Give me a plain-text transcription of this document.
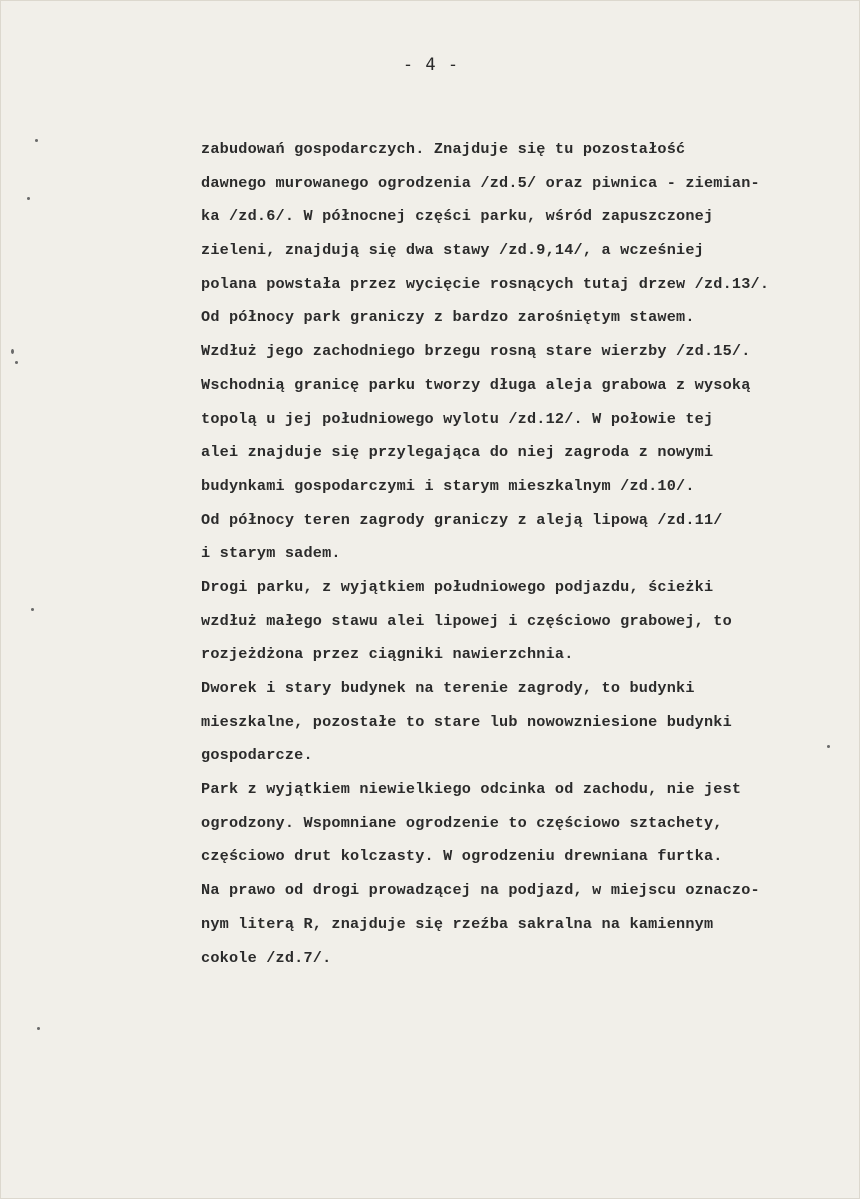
- 4 -
zabudowań gospodarczych. Znajduje się tu pozostałość
dawnego murowanego ogrodzenia /zd.5/ oraz piwnica - ziemian-
ka /zd.6/. W północnej części parku, wśród zapuszczonej
zieleni, znajdują się dwa stawy /zd.9,14/, a wcześniej
polana powstała przez wycięcie rosnących tutaj drzew /zd.13/.
Od północy park graniczy z bardzo zarośniętym stawem.
Wzdłuż jego zachodniego brzegu rosną stare wierzby /zd.15/.
Wschodnią granicę parku tworzy długa aleja grabowa z wysoką
topolą u jej południowego wylotu /zd.12/. W połowie tej
alei znajduje się przylegająca do niej zagroda z nowymi
budynkami gospodarczymi i starym mieszkalnym /zd.10/.
Od północy teren zagrody graniczy z aleją lipową /zd.11/
i starym sadem.
Drogi parku, z wyjątkiem południowego podjazdu, ścieżki
wzdłuż małego stawu alei lipowej i częściowo grabowej, to
rozjeżdżona przez ciągniki nawierzchnia.
Dworek i stary budynek na terenie zagrody, to budynki
mieszkalne, pozostałe to stare lub nowowzniesione budynki
gospodarcze.
Park z wyjątkiem niewielkiego odcinka od zachodu, nie jest
ogrodzony. Wspomniane ogrodzenie to częściowo sztachety,
częściowo drut kolczasty. W ogrodzeniu drewniana furtka.
Na prawo od drogi prowadzącej na podjazd, w miejscu oznaczo-
nym literą R, znajduje się rzeźba sakralna na kamiennym
cokole /zd.7/.
